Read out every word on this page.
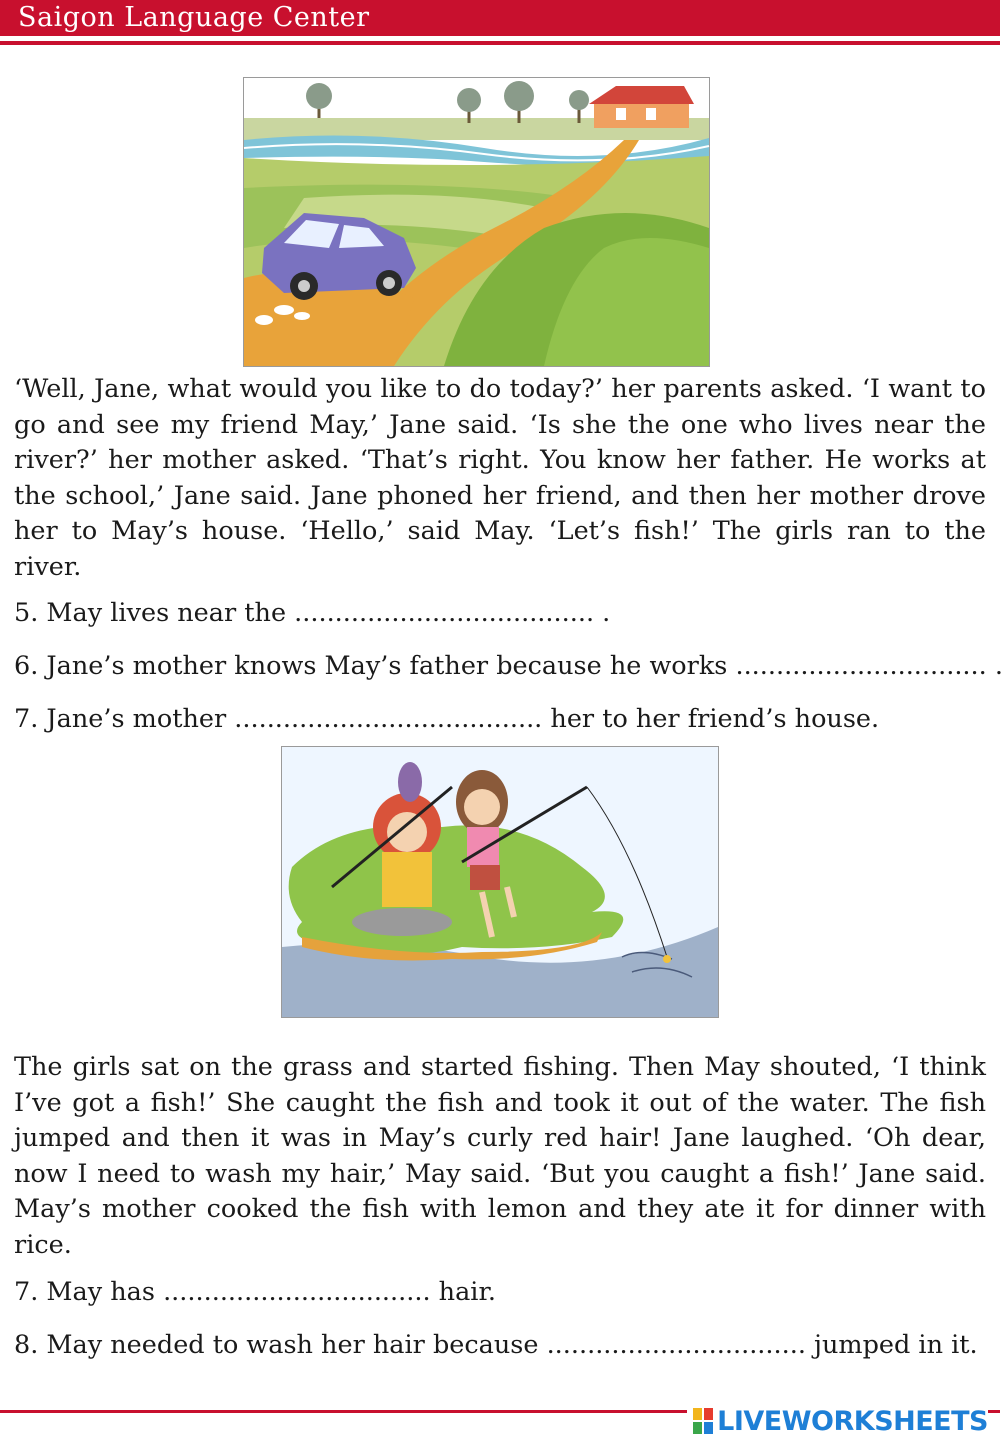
Saigon Language Center

‘Well, Jane, what would you like to do today?’ her parents asked. ‘I want to go and see my friend May,’ Jane said. ‘Is she the one who lives near the river?’ her mother asked. ‘That’s right. You know her father. He works at the school,’ Jane said. Jane phoned her friend, and then her mother drove her to May’s house. ‘Hello,’ said May. ‘Let’s fish!’ The girls ran to the river.

5. May lives near the ..................................... .
6. Jane’s mother knows May’s father because he works ............................... .
7. Jane’s mother ...................................... her to her friend’s house.

The girls sat on the grass and started fishing. Then May shouted, ‘I think I’ve got a fish!’ She caught the fish and took it out of the water. The fish jumped and then it was in May’s curly red hair! Jane laughed. ‘Oh dear, now I need to wash my hair,’ May said. ‘But you caught a fish!’ Jane said. May’s mother cooked the fish with lemon and they ate it for dinner with rice.

7. May has ................................. hair.
8. May needed to wash her hair because ................................ jumped in it.
LIVEWORKSHEETS
